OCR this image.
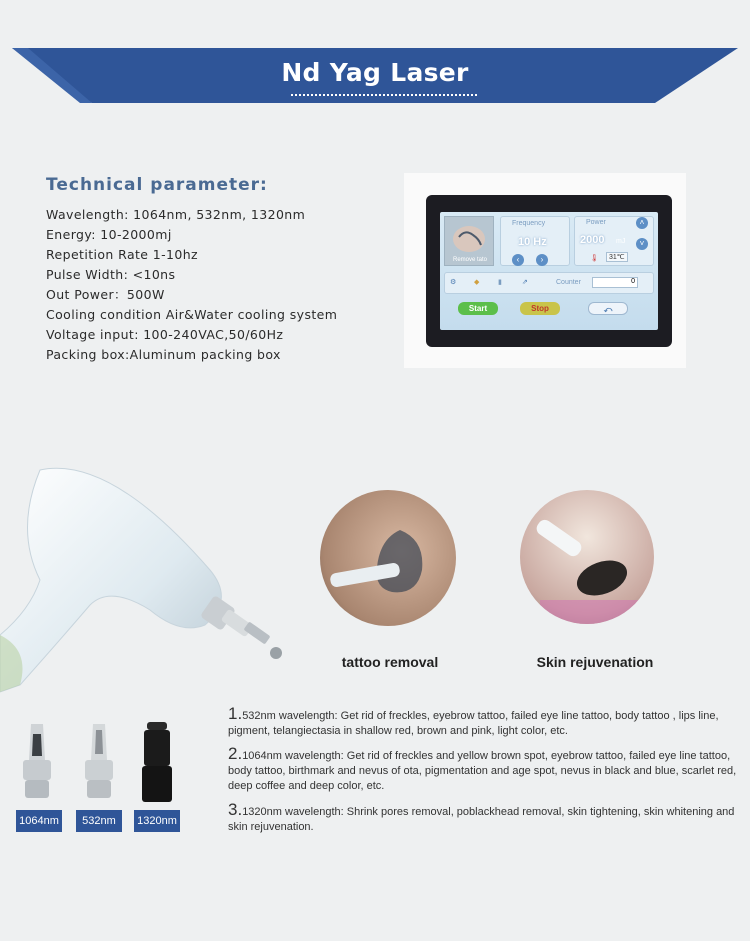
Nd Yag Laser
Technical parameter:
Wavelength: 1064nm, 532nm, 1320nm
Energy: 10-2000mj
Repetition Rate 1-10hz
Pulse Width: <10ns
Out Power：500W
Cooling condition Air&Water cooling system
Voltage input: 100-240VAC,50/60Hz
Packing box:Aluminum packing box
Remove tato
Frequency
10 Hz
‹	›
Power	˄
2000 mJ	˅
🌡	31℃
⚙	◆	▮	⇗	Counter	0
Start	Stop	⤺
tattoo removal	Skin rejuvenation
1064nm	532nm	1320nm
1.532nm wavelength: Get rid of freckles, eyebrow tattoo, failed eye line tattoo, body tattoo , lips line, pigment, telangiectasia in shallow red, brown and pink, light color, etc.
2.1064nm wavelength: Get rid of freckles and yellow brown spot, eyebrow tattoo, failed eye line tattoo, body tattoo, birthmark and nevus of ota, pigmentation and age spot, nevus in black and blue, scarlet red, deep coffee and deep color, etc.
3.1320nm wavelength: Shrink pores removal, poblackhead removal, skin tightening, skin whitening and skin rejuvenation.
